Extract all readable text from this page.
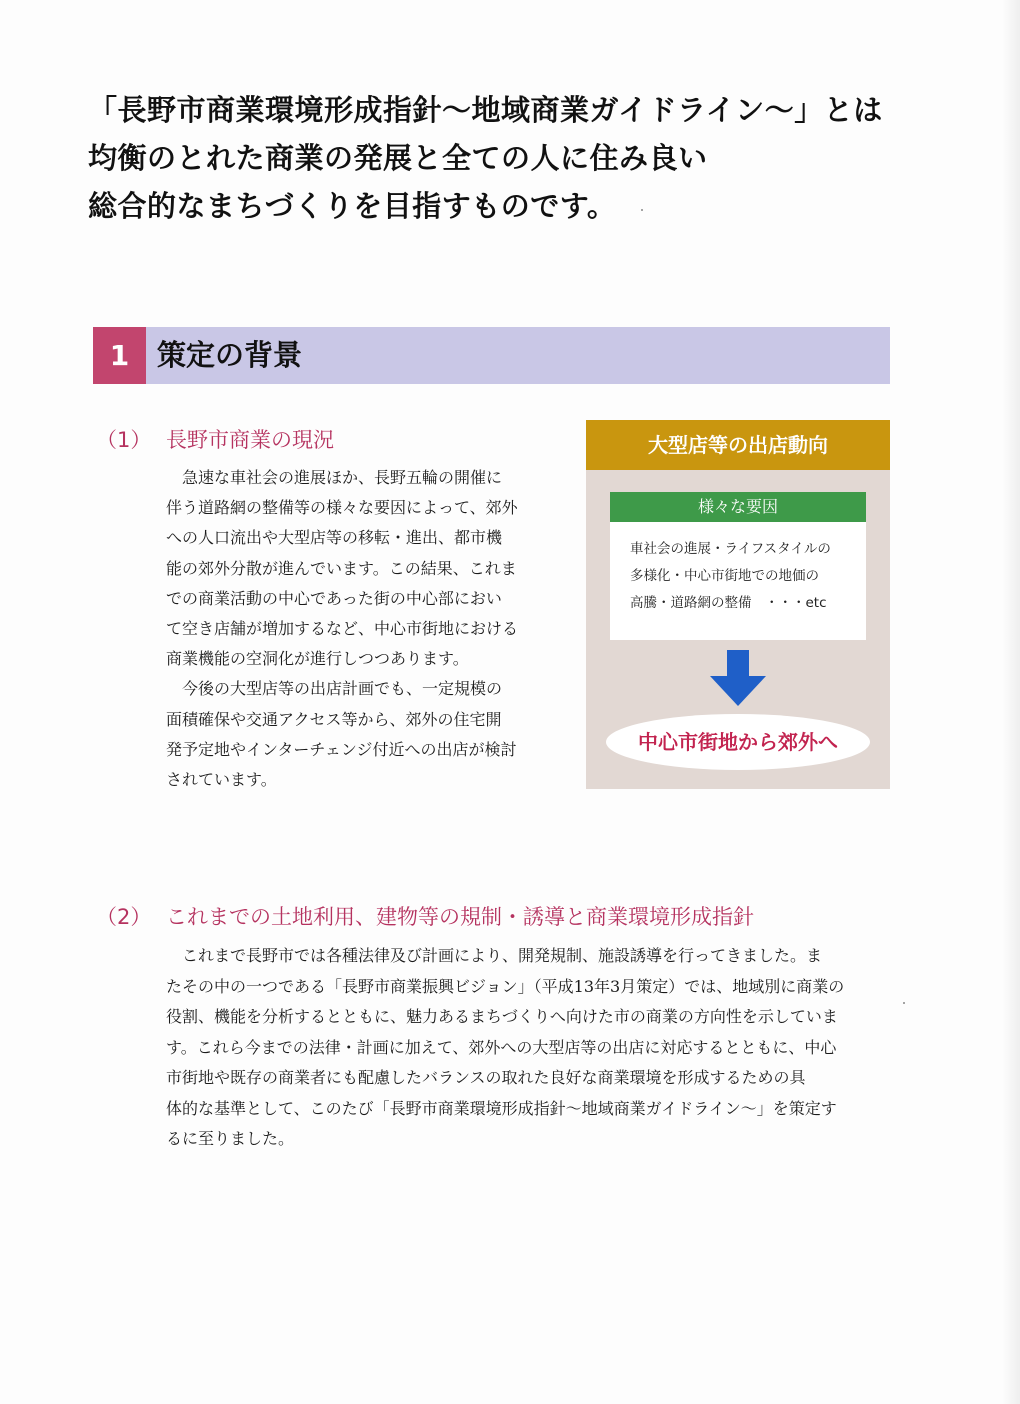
「長野市商業環境形成指針～地域商業ガイドライン～」とは
均衡のとれた商業の発展と全ての人に住み良い
総合的なまちづくりを目指すものです。
1 策定の背景
（1） 長野市商業の現況
急速な車社会の進展ほか、長野五輪の開催に
伴う道路網の整備等の様々な要因によって、郊外
への人口流出や大型店等の移転・進出、都市機
能の郊外分散が進んでいます。この結果、これま
での商業活動の中心であった街の中心部におい
て空き店舗が増加するなど、中心市街地における
商業機能の空洞化が進行しつつあります。
今後の大型店等の出店計画でも、一定規模の
面積確保や交通アクセス等から、郊外の住宅開
発予定地やインターチェンジ付近への出店が検討
されています。
大型店等の出店動向
様々な要因
車社会の進展・ライフスタイルの
多様化・中心市街地での地価の
高騰・道路網の整備　・・・etc
中心市街地から郊外へ
（2） これまでの土地利用、建物等の規制・誘導と商業環境形成指針
これまで長野市では各種法律及び計画により、開発規制、施設誘導を行ってきました。ま
たその中の一つである「長野市商業振興ビジョン」（平成13年3月策定）では、地域別に商業の
役割、機能を分析するとともに、魅力あるまちづくりへ向けた市の商業の方向性を示していま
す。これら今までの法律・計画に加えて、郊外への大型店等の出店に対応するとともに、中心
市街地や既存の商業者にも配慮したバランスの取れた良好な商業環境を形成するための具
体的な基準として、このたび「長野市商業環境形成指針～地域商業ガイドライン～」を策定す
るに至りました。
